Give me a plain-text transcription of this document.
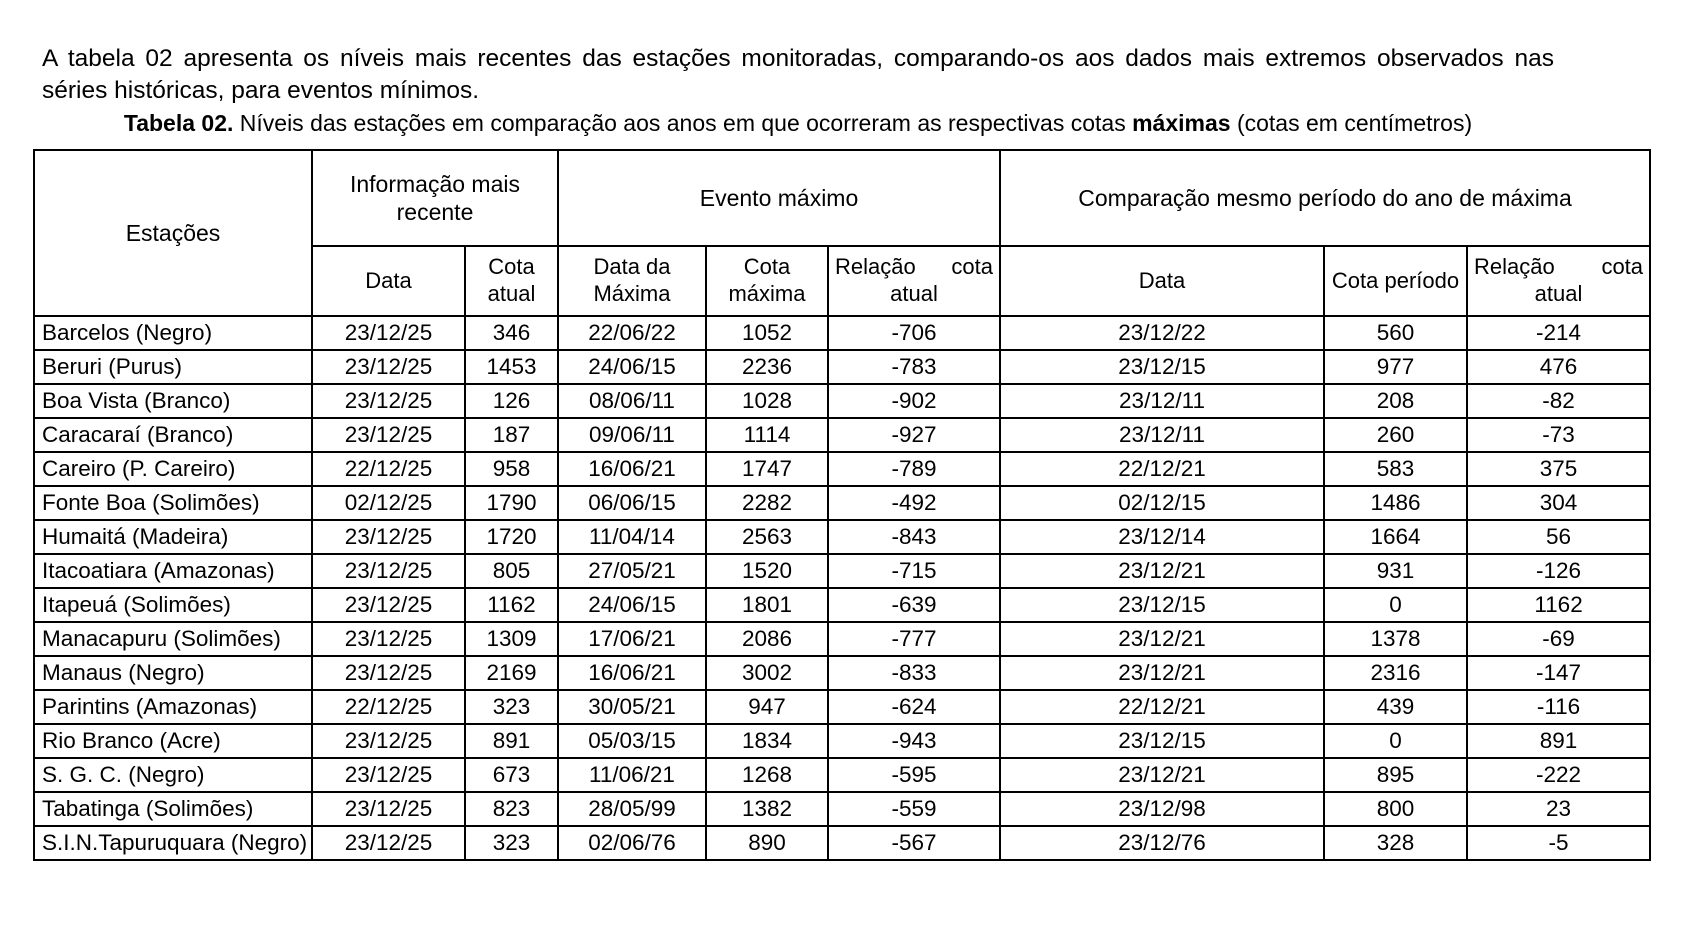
A tabela 02 apresenta os níveis mais recentes das estações monitoradas, comparando-os aos dados mais extremos observados nas séries históricas, para eventos mínimos.

Tabela 02. Níveis das estações em comparação aos anos em que ocorreram as respectivas cotas máximas (cotas em centímetros)
Estações	Informação mais recente		Evento máximo			Comparação mesmo período do ano de máxima		
	Data	Cota atual	Data da Máxima	Cota máxima	Relação cota atual	Data	Cota período	Relação cota atual

Barcelos (Negro)	23/12/25	346	22/06/22	1052	-706	23/12/22	560	-214
Beruri (Purus)	23/12/25	1453	24/06/15	2236	-783	23/12/15	977	476
Boa Vista (Branco)	23/12/25	126	08/06/11	1028	-902	23/12/11	208	-82
Caracaraí (Branco)	23/12/25	187	09/06/11	1114	-927	23/12/11	260	-73
Careiro (P. Careiro)	22/12/25	958	16/06/21	1747	-789	22/12/21	583	375
Fonte Boa (Solimões)	02/12/25	1790	06/06/15	2282	-492	02/12/15	1486	304
Humaitá (Madeira)	23/12/25	1720	11/04/14	2563	-843	23/12/14	1664	56
Itacoatiara (Amazonas)	23/12/25	805	27/05/21	1520	-715	23/12/21	931	-126
Itapeuá (Solimões)	23/12/25	1162	24/06/15	1801	-639	23/12/15	0	1162
Manacapuru (Solimões)	23/12/25	1309	17/06/21	2086	-777	23/12/21	1378	-69
Manaus (Negro)	23/12/25	2169	16/06/21	3002	-833	23/12/21	2316	-147
Parintins (Amazonas)	22/12/25	323	30/05/21	947	-624	22/12/21	439	-116
Rio Branco (Acre)	23/12/25	891	05/03/15	1834	-943	23/12/15	0	891
S. G. C. (Negro)	23/12/25	673	11/06/21	1268	-595	23/12/21	895	-222
Tabatinga (Solimões)	23/12/25	823	28/05/99	1382	-559	23/12/98	800	23
S.I.N.Tapuruquara (Negro)	23/12/25	323	02/06/76	890	-567	23/12/76	328	-5
